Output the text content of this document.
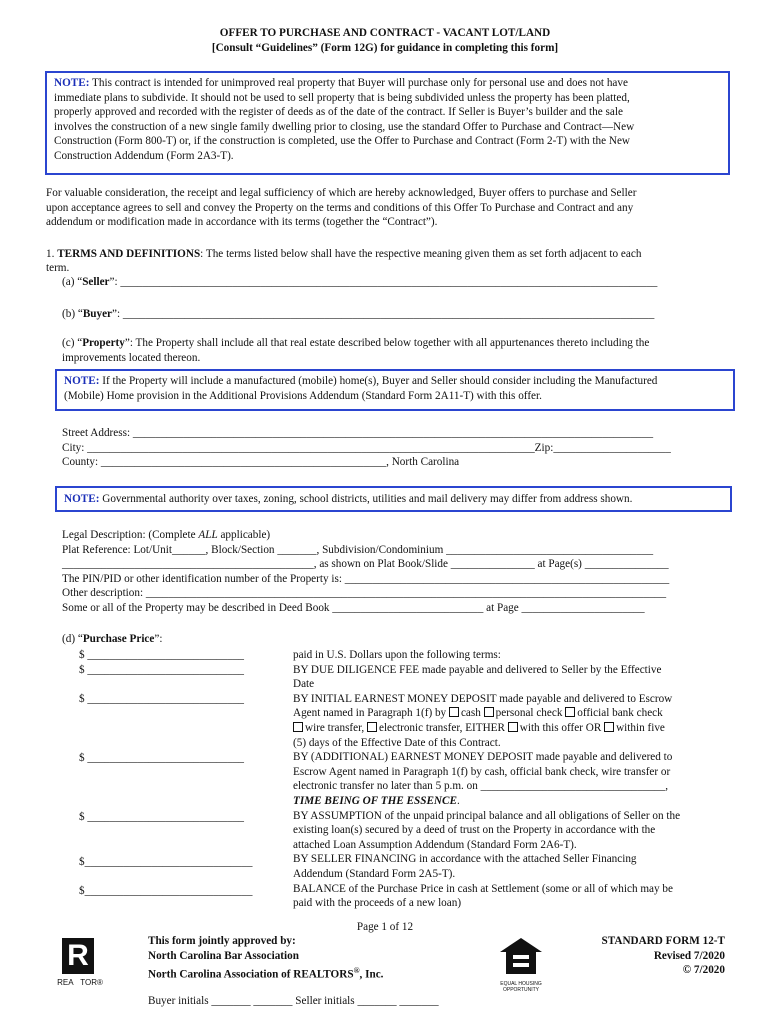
OFFER TO PURCHASE AND CONTRACT - VACANT LOT/LAND
[Consult “Guidelines” (Form 12G) for guidance in completing this form]
NOTE: This contract is intended for unimproved real property that Buyer will purchase only for personal use and does not have
immediate plans to subdivide. It should not be used to sell property that is being subdivided unless the property has been platted,
properly approved and recorded with the register of deeds as of the date of the contract. If Seller is Buyer’s builder and the sale
involves the construction of a new single family dwelling prior to closing, use the standard Offer to Purchase and Contract—New
Construction (Form 800-T) or, if the construction is completed, use the Offer to Purchase and Contract (Form 2-T) with the New
Construction Addendum (Form 2A3-T).
For valuable consideration, the receipt and legal sufficiency of which are hereby acknowledged, Buyer offers to purchase and Seller
upon acceptance agrees to sell and convey the Property on the terms and conditions of this Offer To Purchase and Contract and any
addendum or modification made in accordance with its terms (together the “Contract”).
1. TERMS AND DEFINITIONS: The terms listed below shall have the respective meaning given them as set forth adjacent to each
term.
(a) “Seller”: ________________________________________________________________________________________________
(b) “Buyer”: _______________________________________________________________________________________________
(c) “Property”: The Property shall include all that real estate described below together with all appurtenances thereto including the
improvements located thereon.
NOTE: If the Property will include a manufactured (mobile) home(s), Buyer and Seller should consider including the Manufactured
(Mobile) Home provision in the Additional Provisions Addendum (Standard Form 2A11-T) with this offer.
Street Address: _____________________________________________________________________________________________
City: ________________________________________________________________________________Zip:_____________________
County: ___________________________________________________, North Carolina
NOTE: Governmental authority over taxes, zoning, school districts, utilities and mail delivery may differ from address shown.
Legal Description: (Complete ALL applicable)
Plat Reference: Lot/Unit______, Block/Section _______, Subdivision/Condominium _____________________________________
_____________________________________________, as shown on Plat Book/Slide _______________ at Page(s) _______________
The PIN/PID or other identification number of the Property is: __________________________________________________________
Other description: _____________________________________________________________________________________________
Some or all of the Property may be described in Deed Book ___________________________ at Page ______________________
(d) “Purchase Price”:
$ ____________________________
$ ____________________________
$ ____________________________
$ ____________________________
$ ____________________________
$______________________________
$______________________________
paid in U.S. Dollars upon the following terms:
BY DUE DILIGENCE FEE made payable and delivered to Seller by the Effective
Date
BY INITIAL EARNEST MONEY DEPOSIT made payable and delivered to Escrow
Agent named in Paragraph 1(f) by cash personal check official bank check
wire transfer, electronic transfer, EITHER with this offer OR within five
(5) days of the Effective Date of this Contract.
BY (ADDITIONAL) EARNEST MONEY DEPOSIT made payable and delivered to
Escrow Agent named in Paragraph 1(f) by cash, official bank check, wire transfer or
electronic transfer no later than 5 p.m. on _________________________________,
TIME BEING OF THE ESSENCE.
BY ASSUMPTION of the unpaid principal balance and all obligations of Seller on the
existing loan(s) secured by a deed of trust on the Property in accordance with the
attached Loan Assumption Addendum (Standard Form 2A6-T).
BY SELLER FINANCING in accordance with the attached Seller Financing
Addendum (Standard Form 2A5-T).
BALANCE of the Purchase Price in cash at Settlement (some or all of which may be
paid with the proceeds of a new loan)
Page 1 of 12
R
REA   TOR®
This form jointly approved by:
North Carolina Bar Association
North Carolina Association of REALTORS®, Inc.
EQUAL HOUSING
OPPORTUNITY
STANDARD FORM 12-T
Revised 7/2020
© 7/2020
Buyer initials _______ _______ Seller initials _______ _______
